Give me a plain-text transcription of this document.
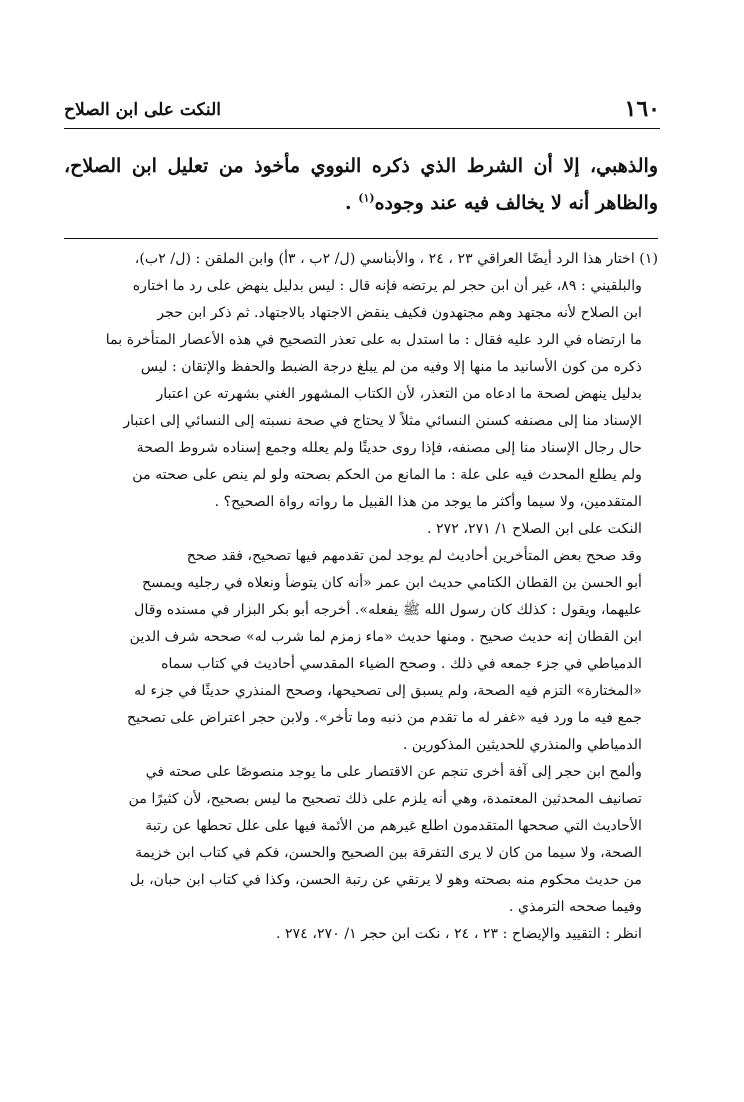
١٦٠
النكت على ابن الصلاح

والذهبي، إلا أن الشرط الذي ذكره النووي مأخوذ من تعليل ابن الصلاح، والظاهر أنه لا يخالف فيه عند وجوده$^{(١)}$ .

(١) اختار هذا الرد أيضًا العراقي ٢٣ ، ٢٤ ، والأبناسي (ل/ ٢ب ، ٣أ) وابن الملقن : (ل/ ٢ب)،

والبلقيني : ٨٩، غير أن ابن حجر لم يرتضه فإنه قال : ليس بدليل ينهض على رد ما اختاره

ابن الصلاح لأنه مجتهد وهم مجتهدون فكيف ينقض الاجتهاد بالاجتهاد. ثم ذكر ابن حجر

ما ارتضاه في الرد عليه فقال : ما استدل به على تعذر التصحيح في هذه الأعصار المتأخرة بما

ذكره من كون الأسانيد ما منها إلا وفيه من لم يبلغ درجة الضبط والحفظ والإتقان : ليس

بدليل ينهض لصحة ما ادعاه من التعذر، لأن الكتاب المشهور الغني بشهرته عن اعتبار

الإسناد منا إلى مصنفه كسنن النسائي مثلاً لا يحتاج في صحة نسبته إلى النسائي إلى اعتبار

حال رجال الإسناد منا إلى مصنفه، فإذا روى حديثًا ولم يعلله وجمع إسناده شروط الصحة

ولم يطلع المحدث فيه على علة : ما المانع من الحكم بصحته ولو لم ينص على صحته من

المتقدمين، ولا سيما وأكثر ما يوجد من هذا القبيل ما رواته رواة الصحيح؟ .

النكت على ابن الصلاح ١/ ٢٧١، ٢٧٢ .

وقد صحح بعض المتأخرين أحاديث لم يوجد لمن تقدمهم فيها تصحيح، فقد صحح

أبو الحسن بن القطان الكتامي حديث ابن عمر «أنه كان يتوضأ ونعلاه في رجليه ويمسح

عليهما، ويقول : كذلك كان رسول الله ﷺ يفعله». أخرجه أبو بكر البزار في مسنده وقال

ابن القطان إنه حديث صحيح . ومنها حديث «ماء زمزم لما شرب له» صححه شرف الدين

الدمياطي في جزء جمعه في ذلك . وصحح الضياء المقدسي أحاديث في كتاب سماه

«المختارة» التزم فيه الصحة، ولم يسبق إلى تصحيحها، وصحح المنذري حديثًا في جزء له

جمع فيه ما ورد فيه «غفر له ما تقدم من ذنبه وما تأخر». ولابن حجر اعتراض على تصحيح

الدمياطي والمنذري للحديثين المذكورين .

وألمح ابن حجر إلى آفة أخرى تنجم عن الاقتصار على ما يوجد منصوصًا على صحته في

تصانيف المحدثين المعتمدة، وهي أنه يلزم على ذلك تصحيح ما ليس بصحيح، لأن كثيرًا من

الأحاديث التي صححها المتقدمون اطلع غيرهم من الأئمة فيها على علل تحطها عن رتبة

الصحة، ولا سيما من كان لا يرى التفرقة بين الصحيح والحسن، فكم في كتاب ابن خزيمة

من حديث محكوم منه بصحته وهو لا يرتقي عن رتبة الحسن، وكذا في كتاب ابن حبان، بل

وفيما صححه الترمذي .

انظر : التقييد والإيضاح : ٢٣ ، ٢٤ ، نكت ابن حجر ١/ ٢٧٠، ٢٧٤ .
